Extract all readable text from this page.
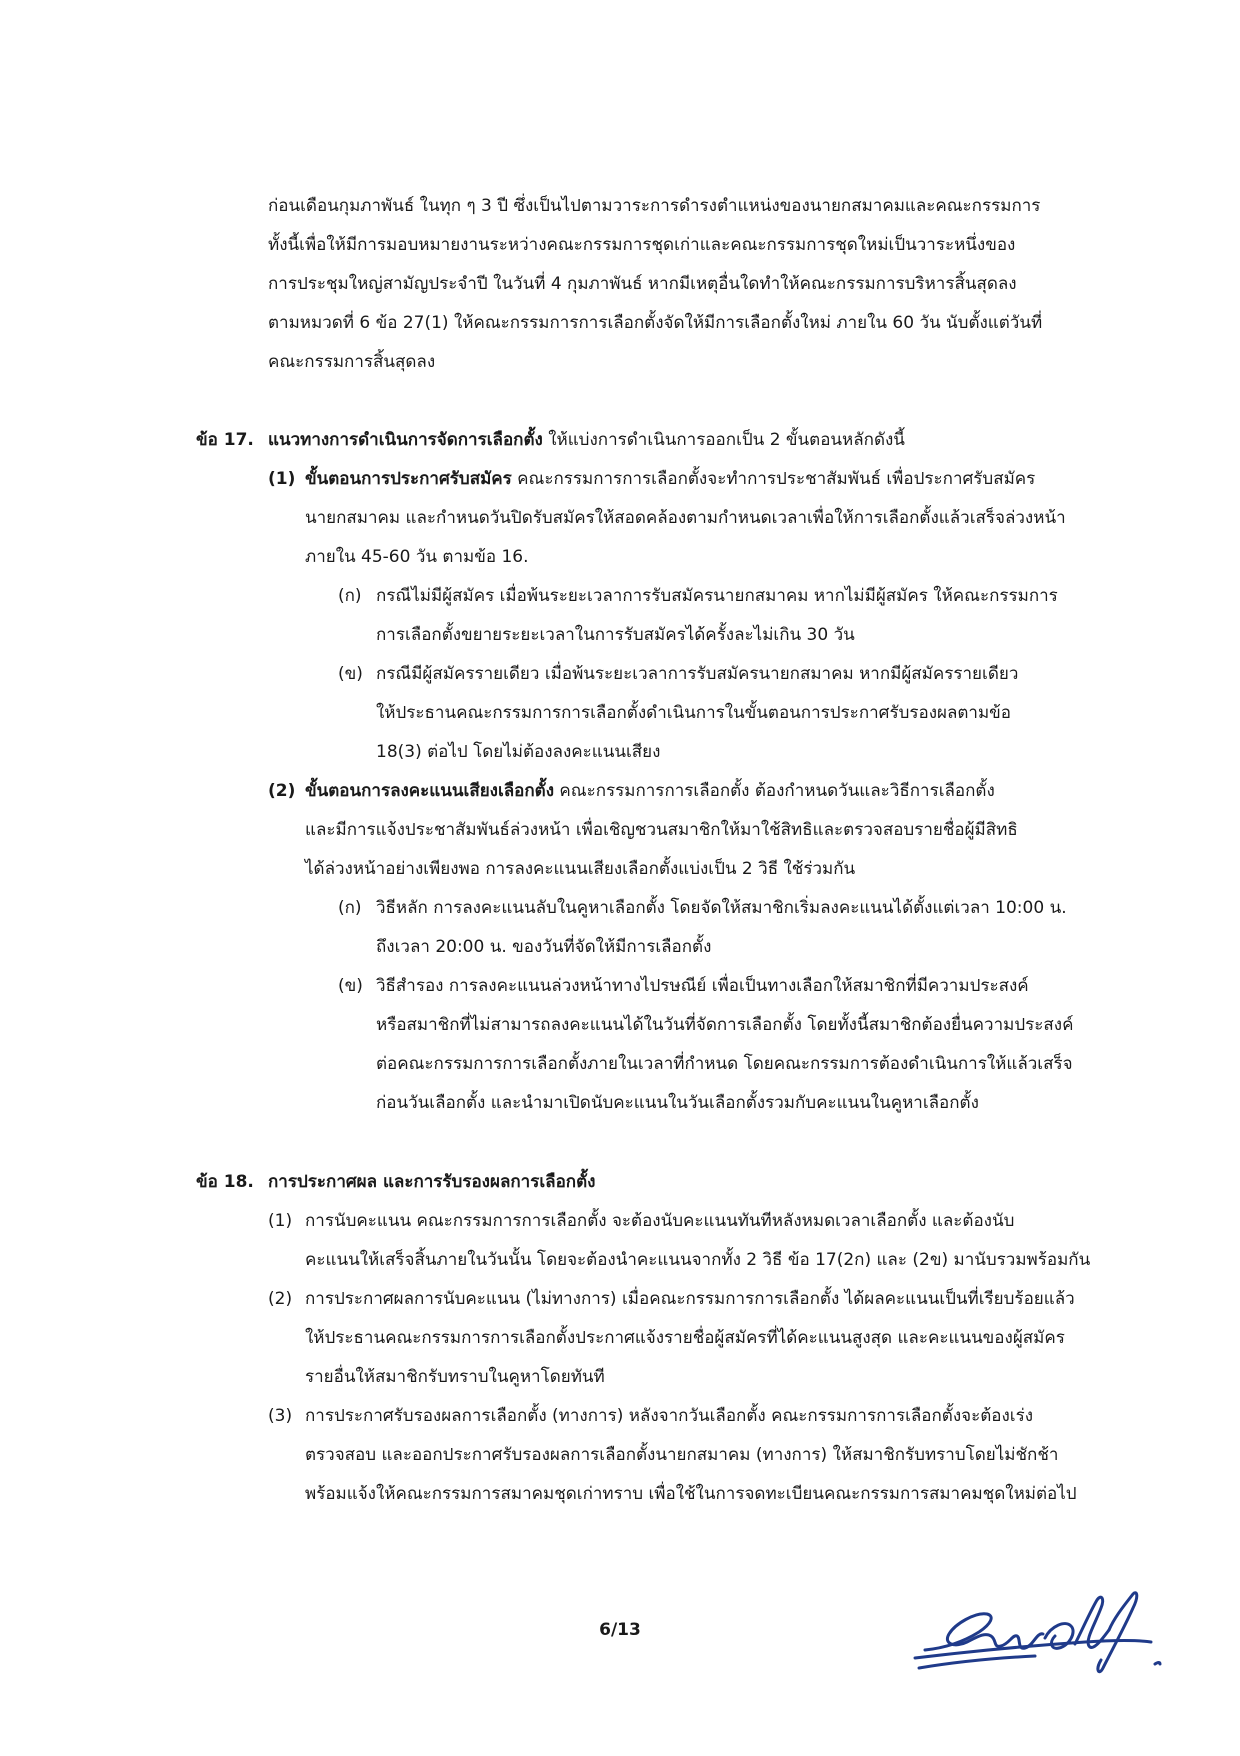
ก่อนเดือนกุมภาพันธ์ ในทุก ๆ 3 ปี ซึ่งเป็นไปตามวาระการดำรงตำแหน่งของนายกสมาคมและคณะกรรมการ
ทั้งนี้เพื่อให้มีการมอบหมายงานระหว่างคณะกรรมการชุดเก่าและคณะกรรมการชุดใหม่เป็นวาระหนึ่งของ
การประชุมใหญ่สามัญประจำปี ในวันที่ 4 กุมภาพันธ์ หากมีเหตุอื่นใดทำให้คณะกรรมการบริหารสิ้นสุดลง
ตามหมวดที่ 6 ข้อ 27(1) ให้คณะกรรมการการเลือกตั้งจัดให้มีการเลือกตั้งใหม่ ภายใน 60 วัน นับตั้งแต่วันที่
คณะกรรมการสิ้นสุดลง
ข้อ 17. แนวทางการดำเนินการจัดการเลือกตั้ง ให้แบ่งการดำเนินการออกเป็น 2 ขั้นตอนหลักดังนี้
(1) ขั้นตอนการประกาศรับสมัคร คณะกรรมการการเลือกตั้งจะทำการประชาสัมพันธ์ เพื่อประกาศรับสมัคร
นายกสมาคม และกำหนดวันปิดรับสมัครให้สอดคล้องตามกำหนดเวลาเพื่อให้การเลือกตั้งแล้วเสร็จล่วงหน้า
ภายใน 45-60 วัน ตามข้อ 16.
(ก) กรณีไม่มีผู้สมัคร เมื่อพ้นระยะเวลาการรับสมัครนายกสมาคม หากไม่มีผู้สมัคร ให้คณะกรรมการ
การเลือกตั้งขยายระยะเวลาในการรับสมัครได้ครั้งละไม่เกิน 30 วัน
(ข) กรณีมีผู้สมัครรายเดียว เมื่อพ้นระยะเวลาการรับสมัครนายกสมาคม หากมีผู้สมัครรายเดียว
ให้ประธานคณะกรรมการการเลือกตั้งดำเนินการในขั้นตอนการประกาศรับรองผลตามข้อ
18(3) ต่อไป โดยไม่ต้องลงคะแนนเสียง
(2) ขั้นตอนการลงคะแนนเสียงเลือกตั้ง คณะกรรมการการเลือกตั้ง ต้องกำหนดวันและวิธีการเลือกตั้ง
และมีการแจ้งประชาสัมพันธ์ล่วงหน้า เพื่อเชิญชวนสมาชิกให้มาใช้สิทธิและตรวจสอบรายชื่อผู้มีสิทธิ
ได้ล่วงหน้าอย่างเพียงพอ การลงคะแนนเสียงเลือกตั้งแบ่งเป็น 2 วิธี ใช้ร่วมกัน
(ก) วิธีหลัก การลงคะแนนลับในคูหาเลือกตั้ง โดยจัดให้สมาชิกเริ่มลงคะแนนได้ตั้งแต่เวลา 10:00 น.
ถึงเวลา 20:00 น. ของวันที่จัดให้มีการเลือกตั้ง
(ข) วิธีสำรอง การลงคะแนนล่วงหน้าทางไปรษณีย์ เพื่อเป็นทางเลือกให้สมาชิกที่มีความประสงค์
หรือสมาชิกที่ไม่สามารถลงคะแนนได้ในวันที่จัดการเลือกตั้ง โดยทั้งนี้สมาชิกต้องยื่นความประสงค์
ต่อคณะกรรมการการเลือกตั้งภายในเวลาที่กำหนด โดยคณะกรรมการต้องดำเนินการให้แล้วเสร็จ
ก่อนวันเลือกตั้ง และนำมาเปิดนับคะแนนในวันเลือกตั้งรวมกับคะแนนในคูหาเลือกตั้ง
ข้อ 18. การประกาศผล และการรับรองผลการเลือกตั้ง
(1) การนับคะแนน คณะกรรมการการเลือกตั้ง จะต้องนับคะแนนทันทีหลังหมดเวลาเลือกตั้ง และต้องนับ
คะแนนให้เสร็จสิ้นภายในวันนั้น โดยจะต้องนำคะแนนจากทั้ง 2 วิธี ข้อ 17(2ก) และ (2ข) มานับรวมพร้อมกัน
(2) การประกาศผลการนับคะแนน (ไม่ทางการ) เมื่อคณะกรรมการการเลือกตั้ง ได้ผลคะแนนเป็นที่เรียบร้อยแล้ว
ให้ประธานคณะกรรมการการเลือกตั้งประกาศแจ้งรายชื่อผู้สมัครที่ได้คะแนนสูงสุด และคะแนนของผู้สมัคร
รายอื่นให้สมาชิกรับทราบในคูหาโดยทันที
(3) การประกาศรับรองผลการเลือกตั้ง (ทางการ) หลังจากวันเลือกตั้ง คณะกรรมการการเลือกตั้งจะต้องเร่ง
ตรวจสอบ และออกประกาศรับรองผลการเลือกตั้งนายกสมาคม (ทางการ) ให้สมาชิกรับทราบโดยไม่ชักช้า
พร้อมแจ้งให้คณะกรรมการสมาคมชุดเก่าทราบ เพื่อใช้ในการจดทะเบียนคณะกรรมการสมาคมชุดใหม่ต่อไป
6/13
